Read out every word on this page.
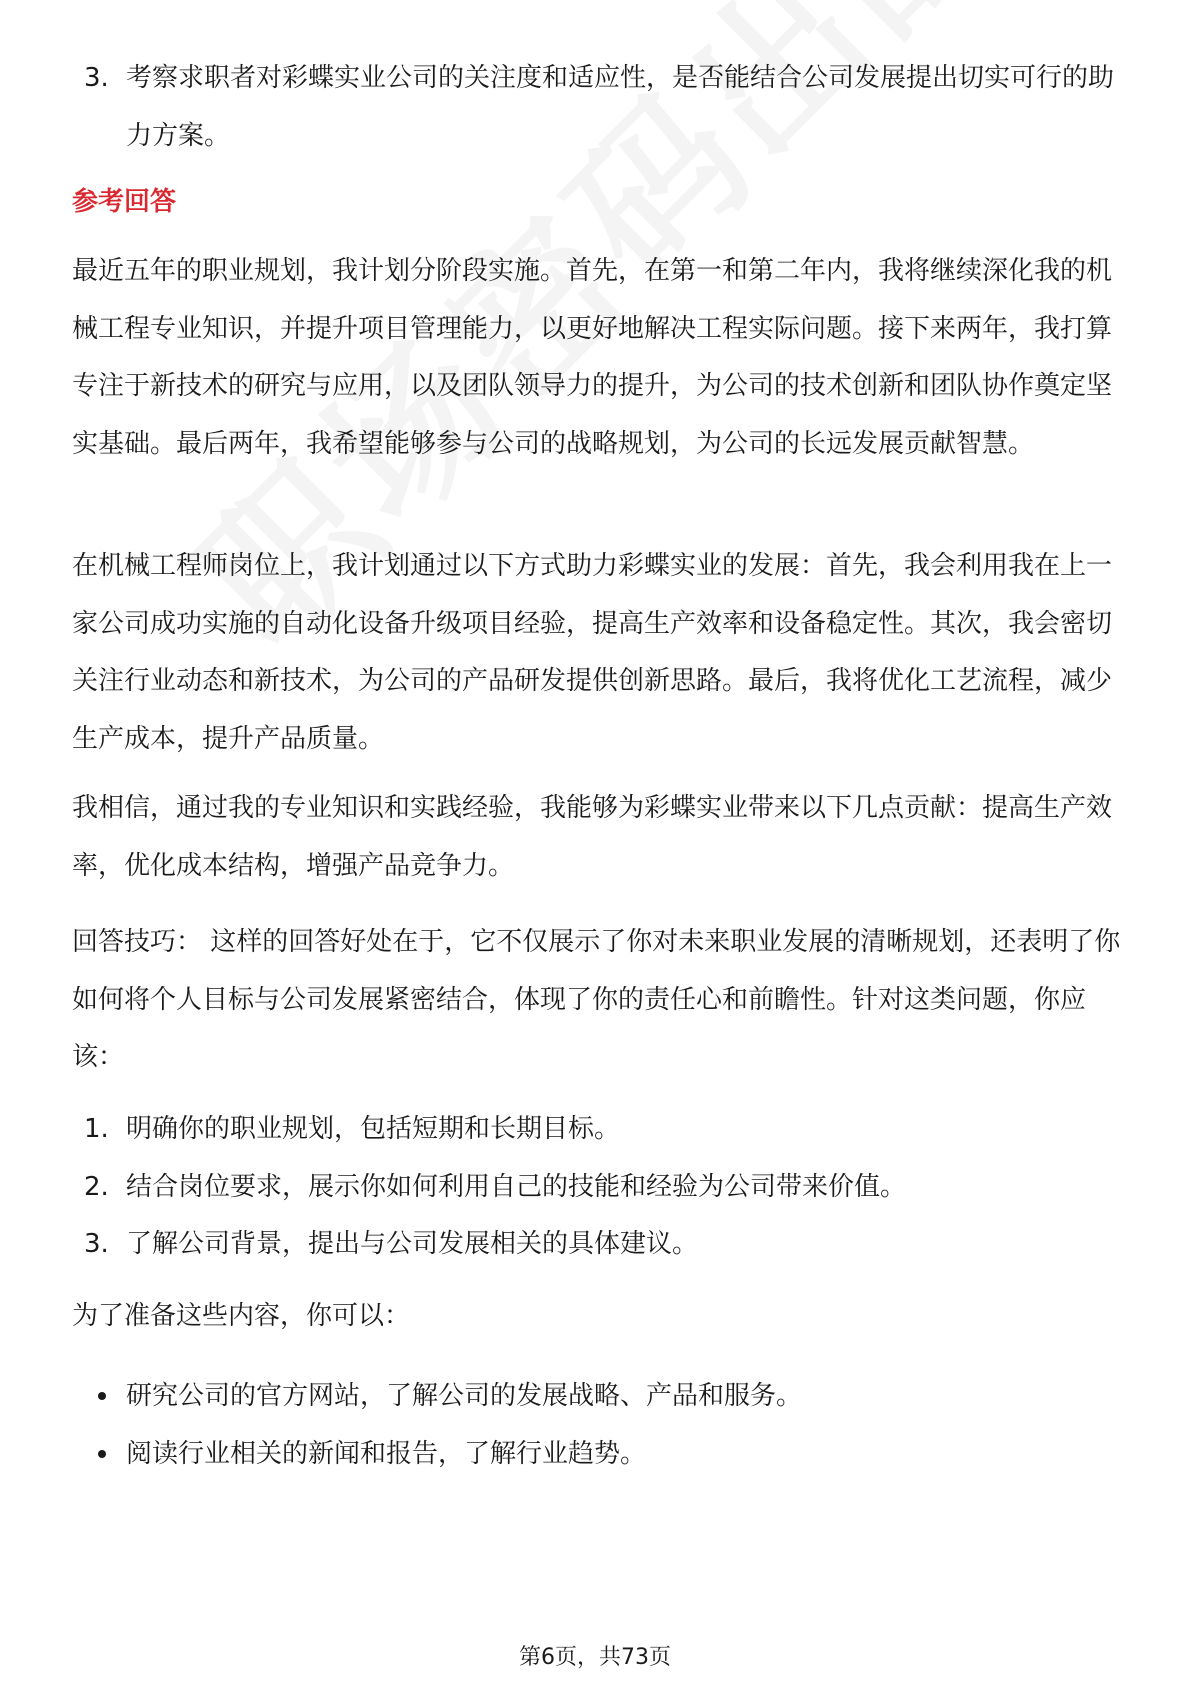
3. 考察求职者对彩蝶实业公司的关注度和适应性，是否能结合公司发展提出切实可行的助力方案。

参考回答

最近五年的职业规划，我计划分阶段实施。首先，在第一和第二年内，我将继续深化我的机械工程专业知识，并提升项目管理能力，以更好地解决工程实际问题。接下来两年，我打算专注于新技术的研究与应用，以及团队领导力的提升，为公司的技术创新和团队协作奠定坚实基础。最后两年，我希望能够参与公司的战略规划，为公司的长远发展贡献智慧。

在机械工程师岗位上，我计划通过以下方式助力彩蝶实业的发展：首先，我会利用我在上一家公司成功实施的自动化设备升级项目经验，提高生产效率和设备稳定性。其次，我会密切关注行业动态和新技术，为公司的产品研发提供创新思路。最后，我将优化工艺流程，减少生产成本，提升产品质量。

我相信，通过我的专业知识和实践经验，我能够为彩蝶实业带来以下几点贡献：提高生产效率，优化成本结构，增强产品竞争力。

回答技巧： 这样的回答好处在于，它不仅展示了你对未来职业发展的清晰规划，还表明了你如何将个人目标与公司发展紧密结合，体现了你的责任心和前瞻性。针对这类问题，你应该：

1. 明确你的职业规划，包括短期和长期目标。
2. 结合岗位要求，展示你如何利用自己的技能和经验为公司带来价值。
3. 了解公司背景，提出与公司发展相关的具体建议。

为了准备这些内容，你可以：

研究公司的官方网站，了解公司的发展战略、产品和服务。
阅读行业相关的新闻和报告，了解行业趋势。
第6页，共73页
